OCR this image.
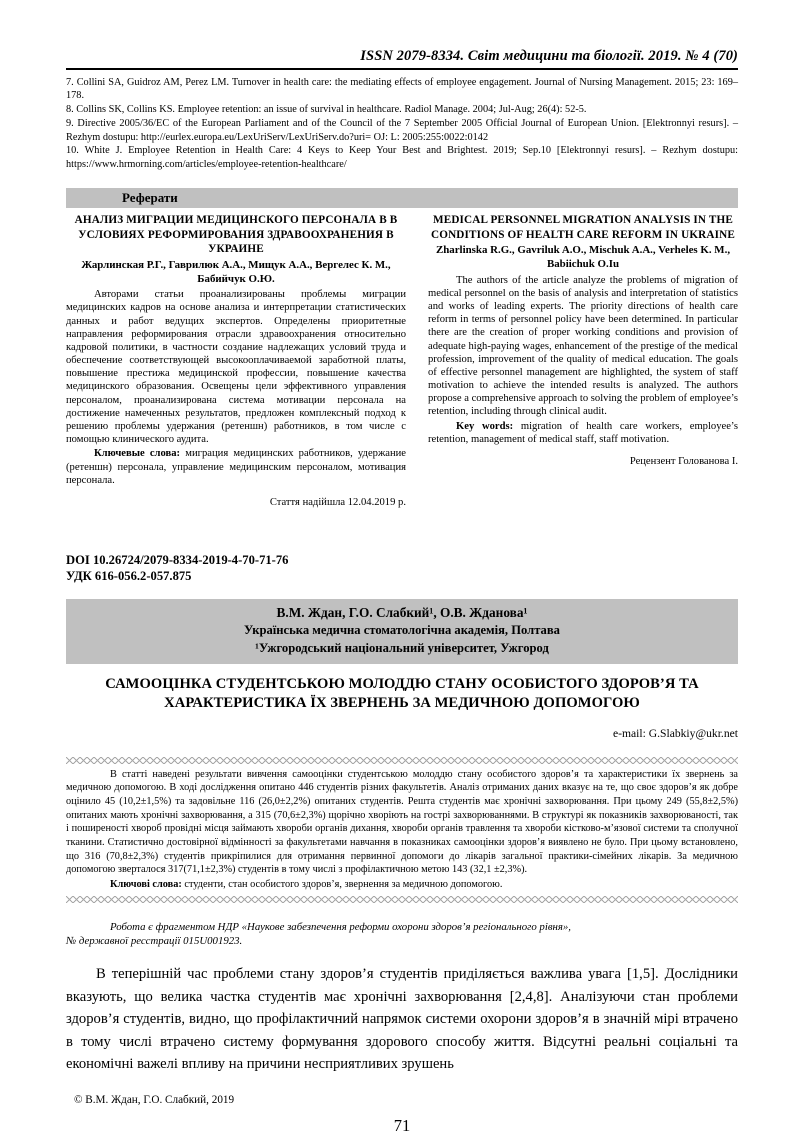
ISSN 2079-8334. Світ медицини та біології. 2019. № 4 (70)

7. Collini SA, Guidroz AM, Perez LM. Turnover in health care: the mediating effects of employee engagement. Journal of Nursing Management. 2015; 23: 169–178.

8. Collins SK, Collins KS. Employee retention: an issue of survival in healthcare. Radiol Manage. 2004; Jul-Aug; 26(4): 52-5.

9. Directive 2005/36/EC of the European Parliament and of the Council of the 7 September 2005 Official Journal of European Union. [Elektronnyi resurs]. – Rezhym dostupu: http://eurlex.europa.eu/LexUriServ/LexUriServ.do?uri= OJ: L: 2005:255:0022:0142

10. White J. Employee Retention in Health Care: 4 Keys to Keep Your Best and Brightest. 2019; Sep.10 [Elektronnyi resurs]. – Rezhym dostupu: https://www.hrmorning.com/articles/employee-retention-healthcare/

Реферати
АНАЛИЗ МИГРАЦИИ МЕДИЦИНСКОГО ПЕРСОНАЛА В В УСЛОВИЯХ РЕФОРМИРОВАНИЯ ЗДРАВООХРАНЕНИЯ В УКРАИНЕ
Жарлинская Р.Г., Гаврилюк А.А., Мищук А.А., Вергелес К. М., Бабийчук О.Ю.

Авторами статьи проанализированы проблемы миграции медицинских кадров на основе анализа и интерпретации статистических данных и работ ведущих экспертов. Определены приоритетные направления реформирования отрасли здравоохранения относительно кадровой политики, в частности создание надлежащих условий труда и обеспечение соответствующей высокооплачиваемой заработной платы, повышение престижа медицинской профессии, повышение качества медицинского образования. Освещены цели эффективного управления персоналом, проанализирована система мотивации персонала на достижение намеченных результатов, предложен комплексный подход к решению проблемы удержания (ретеншн) работников, в том числе с помощью клинического аудита.

Ключевые слова: миграция медицинских работников, удержание (ретеншн) персонала, управление медицинским персоналом, мотивация персонала.
Стаття надійшла 12.04.2019 р.
MEDICAL PERSONNEL MIGRATION ANALYSIS IN THE CONDITIONS OF HEALTH CARE REFORM IN UKRAINE
Zharlinska R.G., Gavriluk A.O., Mischuk A.A., Verheles K. M., Babiichuk O.Iu

The authors of the article analyze the problems of migration of medical personnel on the basis of analysis and interpretation of statistics and works of leading experts. The priority directions of health care reform in terms of personnel policy have been determined. In particular there are the creation of proper working conditions and provision of adequate high-paying wages, enhancement of the prestige of the medical profession, improvement of the quality of medical education. The goals of effective personnel management are highlighted, the system of staff motivation to achieve the intended results is analyzed. The authors propose a comprehensive approach to solving the problem of employee’s retention, including through clinical audit.

Key words: migration of health care workers, employee’s retention, management of medical staff, staff motivation.
Рецензент Голованова І.
DOI 10.26724/2079-8334-2019-4-70-71-76
УДК 616-056.2-057.875
В.М. Ждан, Г.О. Слабкий¹, О.В. Жданова¹
Українська медична стоматологічна академія, Полтава
¹Ужгородський національний університет, Ужгород
САМООЦІНКА СТУДЕНТСЬКОЮ МОЛОДДЮ СТАНУ ОСОБИСТОГО ЗДОРОВ’Я ТА ХАРАКТЕРИСТИКА ЇХ ЗВЕРНЕНЬ ЗА МЕДИЧНОЮ ДОПОМОГОЮ
e-mail: G.Slabkiy@ukr.net

В статті наведені результати вивчення самооцінки студентською молоддю стану особистого здоров’я та характеристики їх звернень за медичною допомогою. В ході дослідження опитано 446 студентів різних факультетів. Аналіз отриманих даних вказує на те, що своє здоров’я як добре оцінило 45 (10,2±1,5%) та задовільне 116 (26,0±2,2%) опитаних студентів. Решта студентів має хронічні захворювання. При цьому 249 (55,8±2,5%) опитаних мають хронічні захворювання, а 315 (70,6±2,3%) щорічно хворіють на гострі захворюваннями. В структурі як показників захворюваності, так і поширеності хвороб провідні місця займають хвороби органів дихання, хвороби органів травлення та хвороби кістково-м’язової системи та сполучної тканини. Статистично достовірної відмінності за факультетами навчання в показниках самооцінки здоров’я виявлено не було. При цьому встановлено, що 316 (70,8±2,3%) студентів прикріпилися для отримання первинної допомоги до лікарів загальної практики-сімейних лікарів. За медичною допомогою зверталося 317(71,1±2,3%) студентів в тому числі з профілактичною метою 143 (32,1 ±2,3%).

Ключові слова: студенти, стан особистого здоров’я, звернення за медичною допомогою.

Робота є фрагментом НДР «Наукове забезпечення реформи охорони здоров’я регіонального рівня»,

№ державної ресстрації 015U001923.

В теперішній час проблеми стану здоров’я студентів приділяється важлива увага [1,5]. Дослідники вказують, що велика частка студентів має хронічні захворювання [2,4,8]. Аналізуючи стан проблеми здоров’я студентів, видно, що профілактичний напрямок системи охорони здоров’я в значній мірі втрачено в тому числі втрачено систему формування здорового способу життя. Відсутні реальні соціальні та економічні важелі впливу на причини несприятливих зрушень

© В.М. Ждан, Г.О. Слабкий, 2019
71
